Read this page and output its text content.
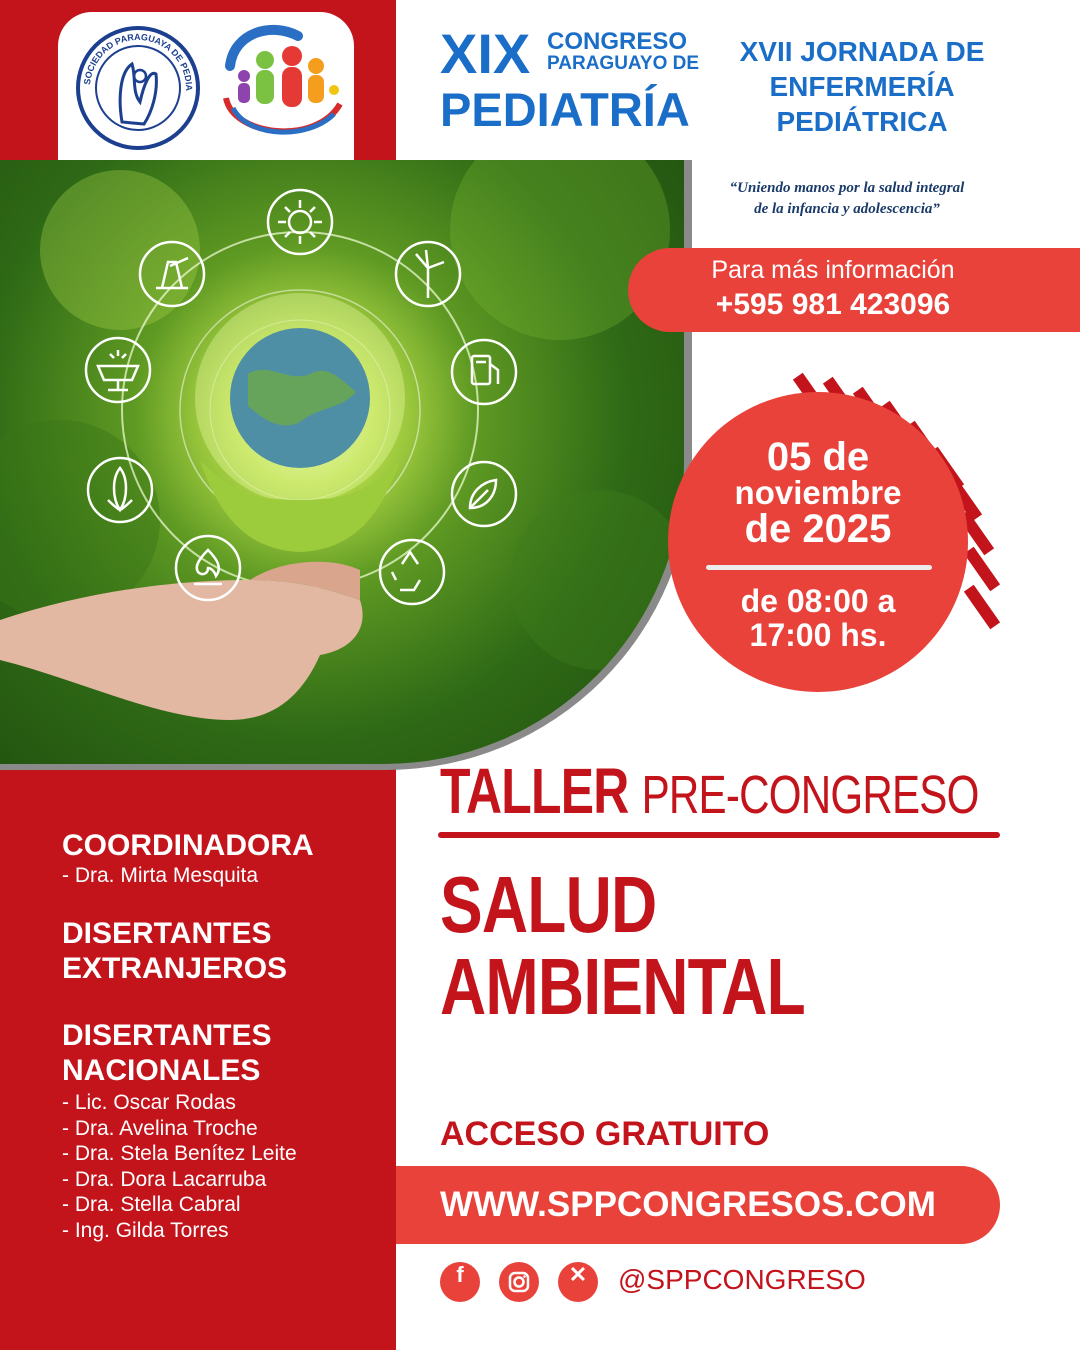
SOCIEDAD PARAGUAYA DE PEDIA
XIX CONGRESO
PARAGUAYO DE
PEDIATRÍA
XVII JORNADA DE
ENFERMERÍA
PEDIÁTRICA
“Uniendo manos por la salud integral
de la infancia y adolescencia”
Para más información
+595 981 423096
05 de
noviembre
de 2025
de 08:00 a
17:00 hs.
TALLER PRE-CONGRESO
SALUD
AMBIENTAL
ACCESO GRATUITO
WWW.SPPCONGRESOS.COM
f	✕	@SPPCONGRESO
COORDINADORA
- Dra. Mirta Mesquita
DISERTANTES
EXTRANJEROS
DISERTANTES
NACIONALES
- Lic. Oscar Rodas
- Dra. Avelina Troche
- Dra. Stela Benítez Leite
- Dra. Dora Lacarruba
- Dra. Stella Cabral
- Ing. Gilda Torres
